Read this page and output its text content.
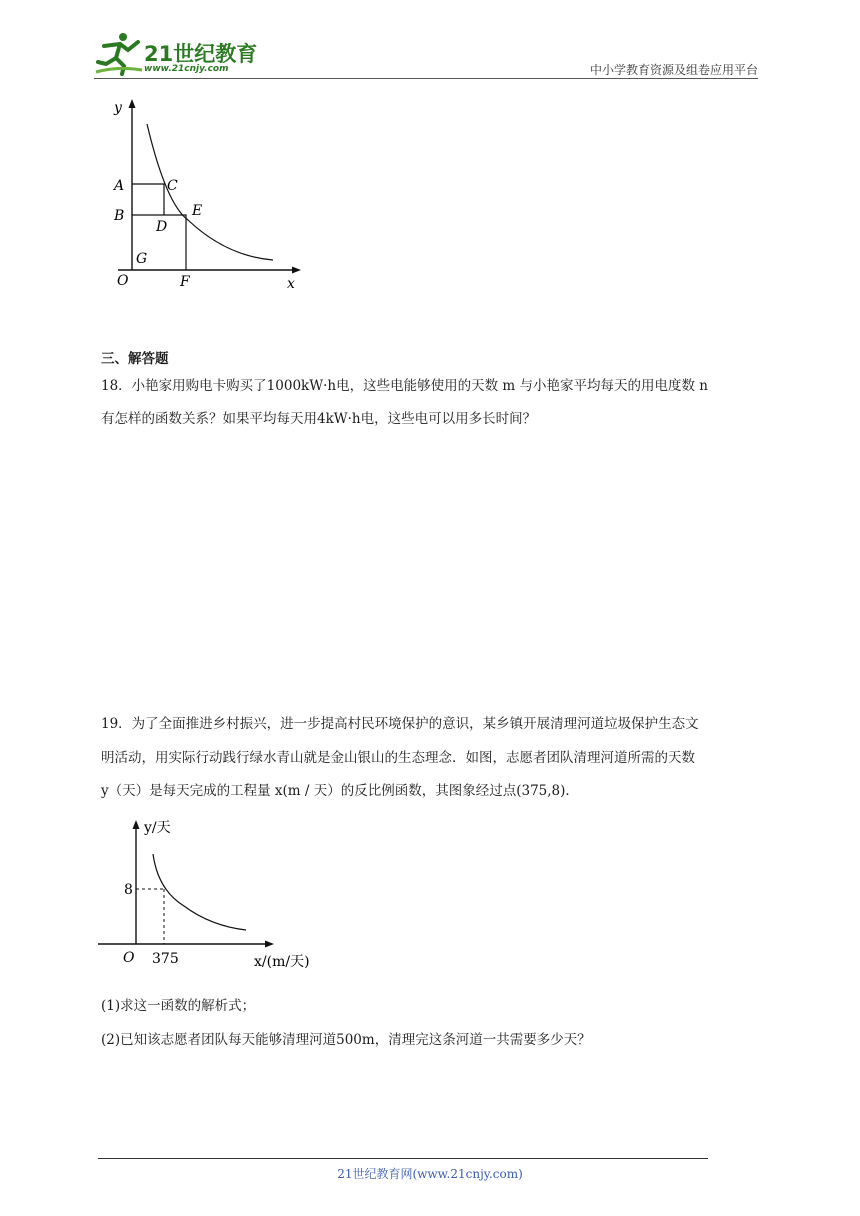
21世纪教育
www.21cnjy.com	中小学教育资源及组卷应用平台
y
x
O
A
B
C
D
E
F
G
三、解答题
18．小艳家用购电卡购买了1000kW·h电，这些电能够使用的天数 m 与小艳家平均每天的用电度数 n
有怎样的函数关系？如果平均每天用4kW·h电，这些电可以用多长时间？
19．为了全面推进乡村振兴，进一步提高村民环境保护的意识，某乡镇开展清理河道垃圾保护生态文
明活动，用实际行动践行绿水青山就是金山银山的生态理念．如图，志愿者团队清理河道所需的天数
y（天）是每天完成的工程量 x(m / 天）的反比例函数，其图象经过点(375,8)．
y/天
x/(m/天)
O
8
375
(1)求这一函数的解析式；
(2)已知该志愿者团队每天能够清理河道500m，清理完这条河道一共需要多少天？
21世纪教育网(www.21cnjy.com)
